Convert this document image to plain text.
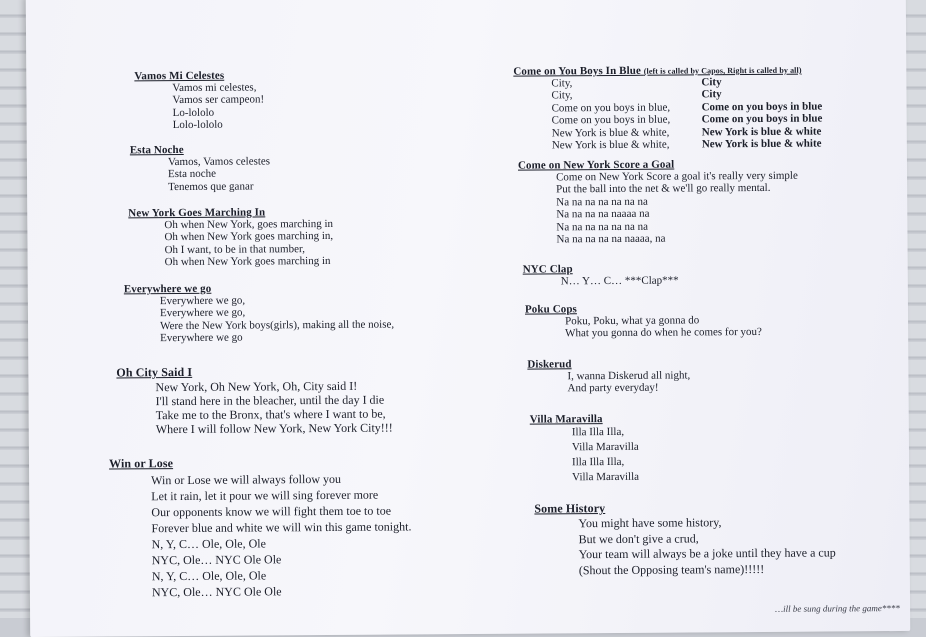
Vamos Mi Celestes
Vamos mi celestes,
Vamos ser campeon!
Lo-lololo
Lolo-lololo
Esta Noche
Vamos, Vamos celestes
Esta noche
Tenemos que ganar
New York Goes Marching In
Oh when New York, goes marching in
Oh when New York goes marching in,
Oh I want, to be in that number,
Oh when New York goes marching in
Everywhere we go
Everywhere we go,
Everywhere we go,
Were the New York boys(girls), making all the noise,
Everywhere we go
Oh City Said I
New York, Oh New York, Oh, City said I!
I'll stand here in the bleacher, until the day I die
Take me to the Bronx, that's where I want to be,
Where I will follow New York, New York City!!!
Win or Lose
Win or Lose we will always follow you
Let it rain, let it pour we will sing forever more
Our opponents know we will fight them toe to toe
Forever blue and white we will win this game tonight.
N, Y, C… Ole, Ole, Ole
NYC, Ole… NYC Ole Ole
N, Y, C… Ole, Ole, Ole
NYC, Ole… NYC Ole Ole
Come on You Boys In Blue (left is called by Capos, Right is called by all)
City,
City,
Come on you boys in blue,
Come on you boys in blue,
New York is blue & white,
New York is blue & white,
City
City
Come on you boys in blue
Come on you boys in blue
New York is blue & white
New York is blue & white
Come on New York Score a Goal
Come on New York Score a goal it's really very simple
Put the ball into the net & we'll go really mental.
Na na na na na na na
Na na na na naaaa na
Na na na na na na na
Na na na na na naaaa, na
NYC Clap
N… Y… C… ***Clap***
Poku Cops
Poku, Poku, what ya gonna do
What you gonna do when he comes for you?
Diskerud
I, wanna Diskerud all night,
And party everyday!
Villa Maravilla
Illa Illa Illa,
Villa Maravilla
Illa Illa Illa,
Villa Maravilla
Some History
You might have some history,
But we don't give a crud,
Your team will always be a joke until they have a cup
(Shout the Opposing team's name)!!!!!
…ill be sung during the game****
